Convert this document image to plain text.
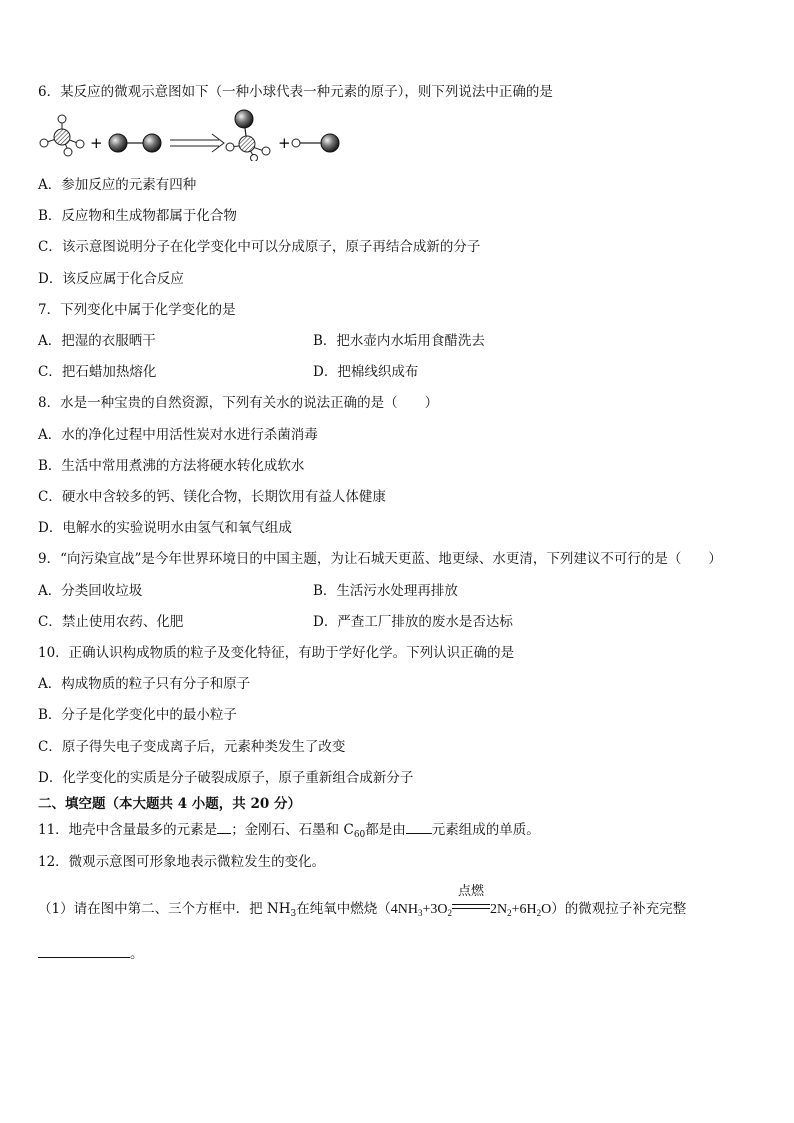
6．某反应的微观示意图如下（一种小球代表一种元素的原子），则下列说法中正确的是
+	+
A．参加反应的元素有四种
B．反应物和生成物都属于化合物
C．该示意图说明分子在化学变化中可以分成原子，原子再结合成新的分子
D．该反应属于化合反应
7．下列变化中属于化学变化的是
A．把湿的衣服晒干	B．把水壶内水垢用食醋洗去
C．把石蜡加热熔化	D．把棉线织成布
8．水是一种宝贵的自然资源，下列有关水的说法正确的是（　　）
A．水的净化过程中用活性炭对水进行杀菌消毒
B．生活中常用煮沸的方法将硬水转化成软水
C．硬水中含较多的钙、镁化合物，长期饮用有益人体健康
D．电解水的实验说明水由氢气和氧气组成
9．“向污染宣战”是今年世界环境日的中国主题，为让石城天更蓝、地更绿、水更清，下列建议不可行的是（　　）
A．分类回收垃圾	B．生活污水处理再排放
C．禁止使用农药、化肥	D．严查工厂排放的废水是否达标
10．正确认识构成物质的粒子及变化特征，有助于学好化学。下列认识正确的是
A．构成物质的粒子只有分子和原子
B．分子是化学变化中的最小粒子
C．原子得失电子变成离子后，元素种类发生了改变
D．化学变化的实质是分子破裂成原子，原子重新组合成新分子
二、填空题（本大题共 4 小题，共 20 分）
11．地壳中含量最多的元素是 ；金刚石、石墨和 $C_{60}$都是由 元素组成的单质。
12．微观示意图可形象地表示微粒发生的变化。
（1）请在图中第二、三个方框中．把 $NH_3$在纯氧中燃烧（$4NH_3+3O_2$
点燃
$2N_2+6H_2O$）的微观拉子补充完整
。
